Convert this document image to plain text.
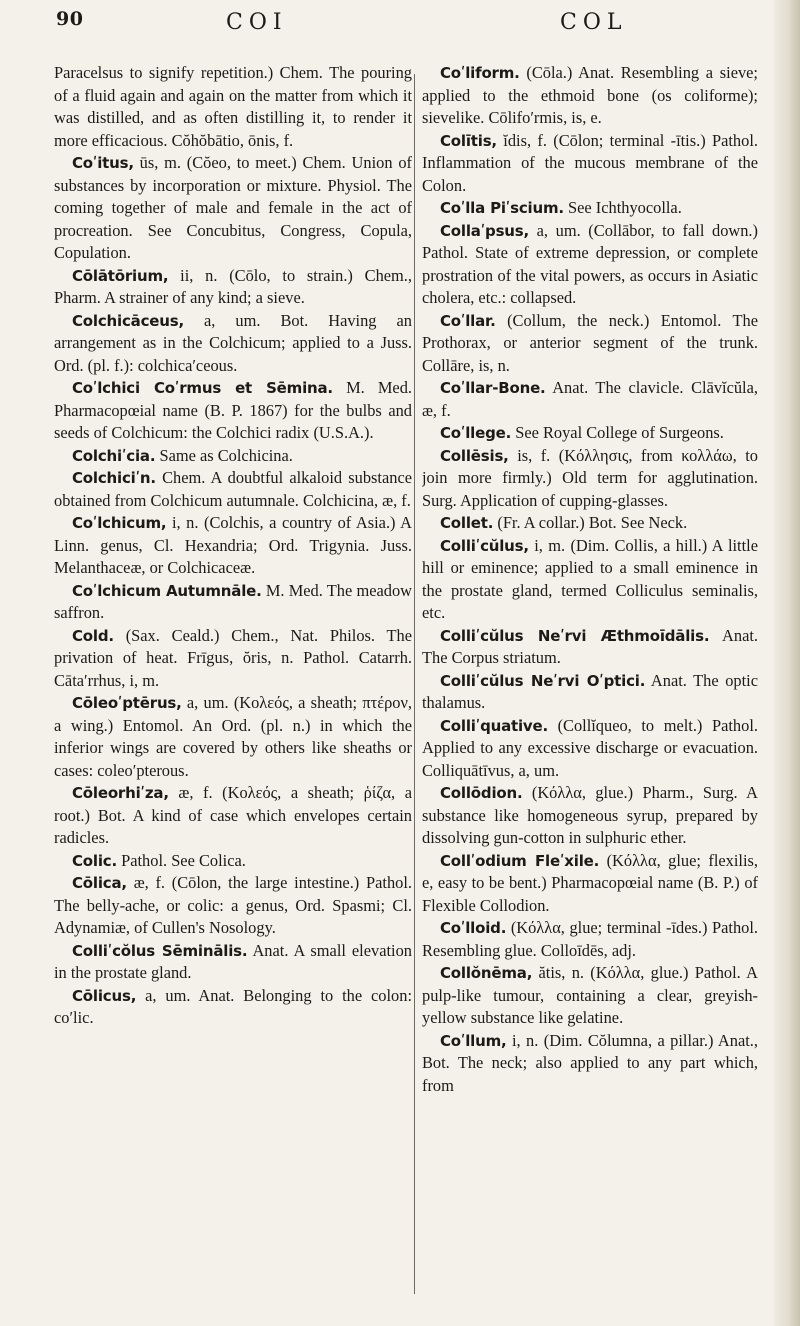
90	COI	COL

Paracelsus to signify repetition.) Chem. The pouring of a fluid again and again on the matter from which it was distilled, and as often distilling it, to render it more efficacious. Cŏhŏbātio, ōnis, f.

Coʹitus, ūs, m. (Cŏeo, to meet.) Chem. Union of substances by incorporation or mixture. Physiol. The coming together of male and female in the act of procreation. See Concubitus, Congress, Copula, Copulation.

Cōlātōrium, ii, n. (Cōlo, to strain.) Chem., Pharm. A strainer of any kind; a sieve.

Colchicāceus, a, um. Bot. Having an arrangement as in the Colchicum; applied to a Juss. Ord. (pl. f.): colchicaʹceous.

Coʹlchici Coʹrmus et Sēmina. M. Med. Pharmacopœial name (B. P. 1867) for the bulbs and seeds of Colchicum: the Colchici radix (U.S.A.).

Colchiʹcia. Same as Colchicina.

Colchiciʹn. Chem. A doubtful alkaloid substance obtained from Colchicum autumnale. Colchicina, æ, f.

Coʹlchicum, i, n. (Colchis, a country of Asia.) A Linn. genus, Cl. Hexandria; Ord. Trigynia. Juss. Melanthaceæ, or Colchicaceæ.

Coʹlchicum Autumnāle. M. Med. The meadow saffron.

Cold. (Sax. Ceald.) Chem., Nat. Philos. The privation of heat. Frīgus, ŏris, n. Pathol. Catarrh. Cātaʹrrhus, i, m.

Cōleoʹptērus, a, um. (Κολεός, a sheath; πτέρον, a wing.) Entomol. An Ord. (pl. n.) in which the inferior wings are covered by others like sheaths or cases: coleoʹpterous.

Cōleorhiʹza, æ, f. (Κολεός, a sheath; ῥίζα, a root.) Bot. A kind of case which envelopes certain radicles.

Colic. Pathol. See Colica.

Cōlica, æ, f. (Cōlon, the large intestine.) Pathol. The belly-ache, or colic: a genus, Ord. Spasmi; Cl. Adynamiæ, of Cullen's Nosology.

Colliʹcŏlus Sēminālis. Anat. A small elevation in the prostate gland.

Cōlicus, a, um. Anat. Belonging to the colon: coʹlic.

Coʹliform. (Cōla.) Anat. Resembling a sieve; applied to the ethmoid bone (os coliforme); sievelike. Cōlifoʹrmis, is, e.

Colītis, ĭdis, f. (Cōlon; terminal -ītis.) Pathol. Inflammation of the mucous membrane of the Colon.

Coʹlla Piʹscium. See Ichthyocolla.

Collaʹpsus, a, um. (Collābor, to fall down.) Pathol. State of extreme depression, or complete prostration of the vital powers, as occurs in Asiatic cholera, etc.: collapsed.

Coʹllar. (Collum, the neck.) Entomol. The Prothorax, or anterior segment of the trunk. Collāre, is, n.

Coʹllar-Bone. Anat. The clavicle. Clāvĭcŭla, æ, f.

Coʹllege. See Royal College of Surgeons.

Collēsis, is, f. (Κόλλησις, from κολλάω, to join more firmly.) Old term for agglutination. Surg. Application of cupping-glasses.

Collet. (Fr. A collar.) Bot. See Neck.

Colliʹcŭlus, i, m. (Dim. Collis, a hill.) A little hill or eminence; applied to a small eminence in the prostate gland, termed Colliculus seminalis, etc.

Colliʹcŭlus Neʹrvi Æthmoīdālis. Anat. The Corpus striatum.

Colliʹcŭlus Neʹrvi Oʹptici. Anat. The optic thalamus.

Colliʹquative. (Collĭqueo, to melt.) Pathol. Applied to any excessive discharge or evacuation. Colliquātīvus, a, um.

Collōdion. (Κόλλα, glue.) Pharm., Surg. A substance like homogeneous syrup, prepared by dissolving gun-cotton in sulphuric ether.

Collʹodium Fleʹxile. (Κόλλα, glue; flexilis, e, easy to be bent.) Pharmacopœial name (B. P.) of Flexible Collodion.

Coʹlloid. (Κόλλα, glue; terminal -īdes.) Pathol. Resembling glue. Colloīdēs, adj.

Collŏnēma, ătis, n. (Κόλλα, glue.) Pathol. A pulp-like tumour, containing a clear, greyish-yellow substance like gelatine.

Coʹllum, i, n. (Dim. Cŏlumna, a pillar.) Anat., Bot. The neck; also applied to any part which, from
